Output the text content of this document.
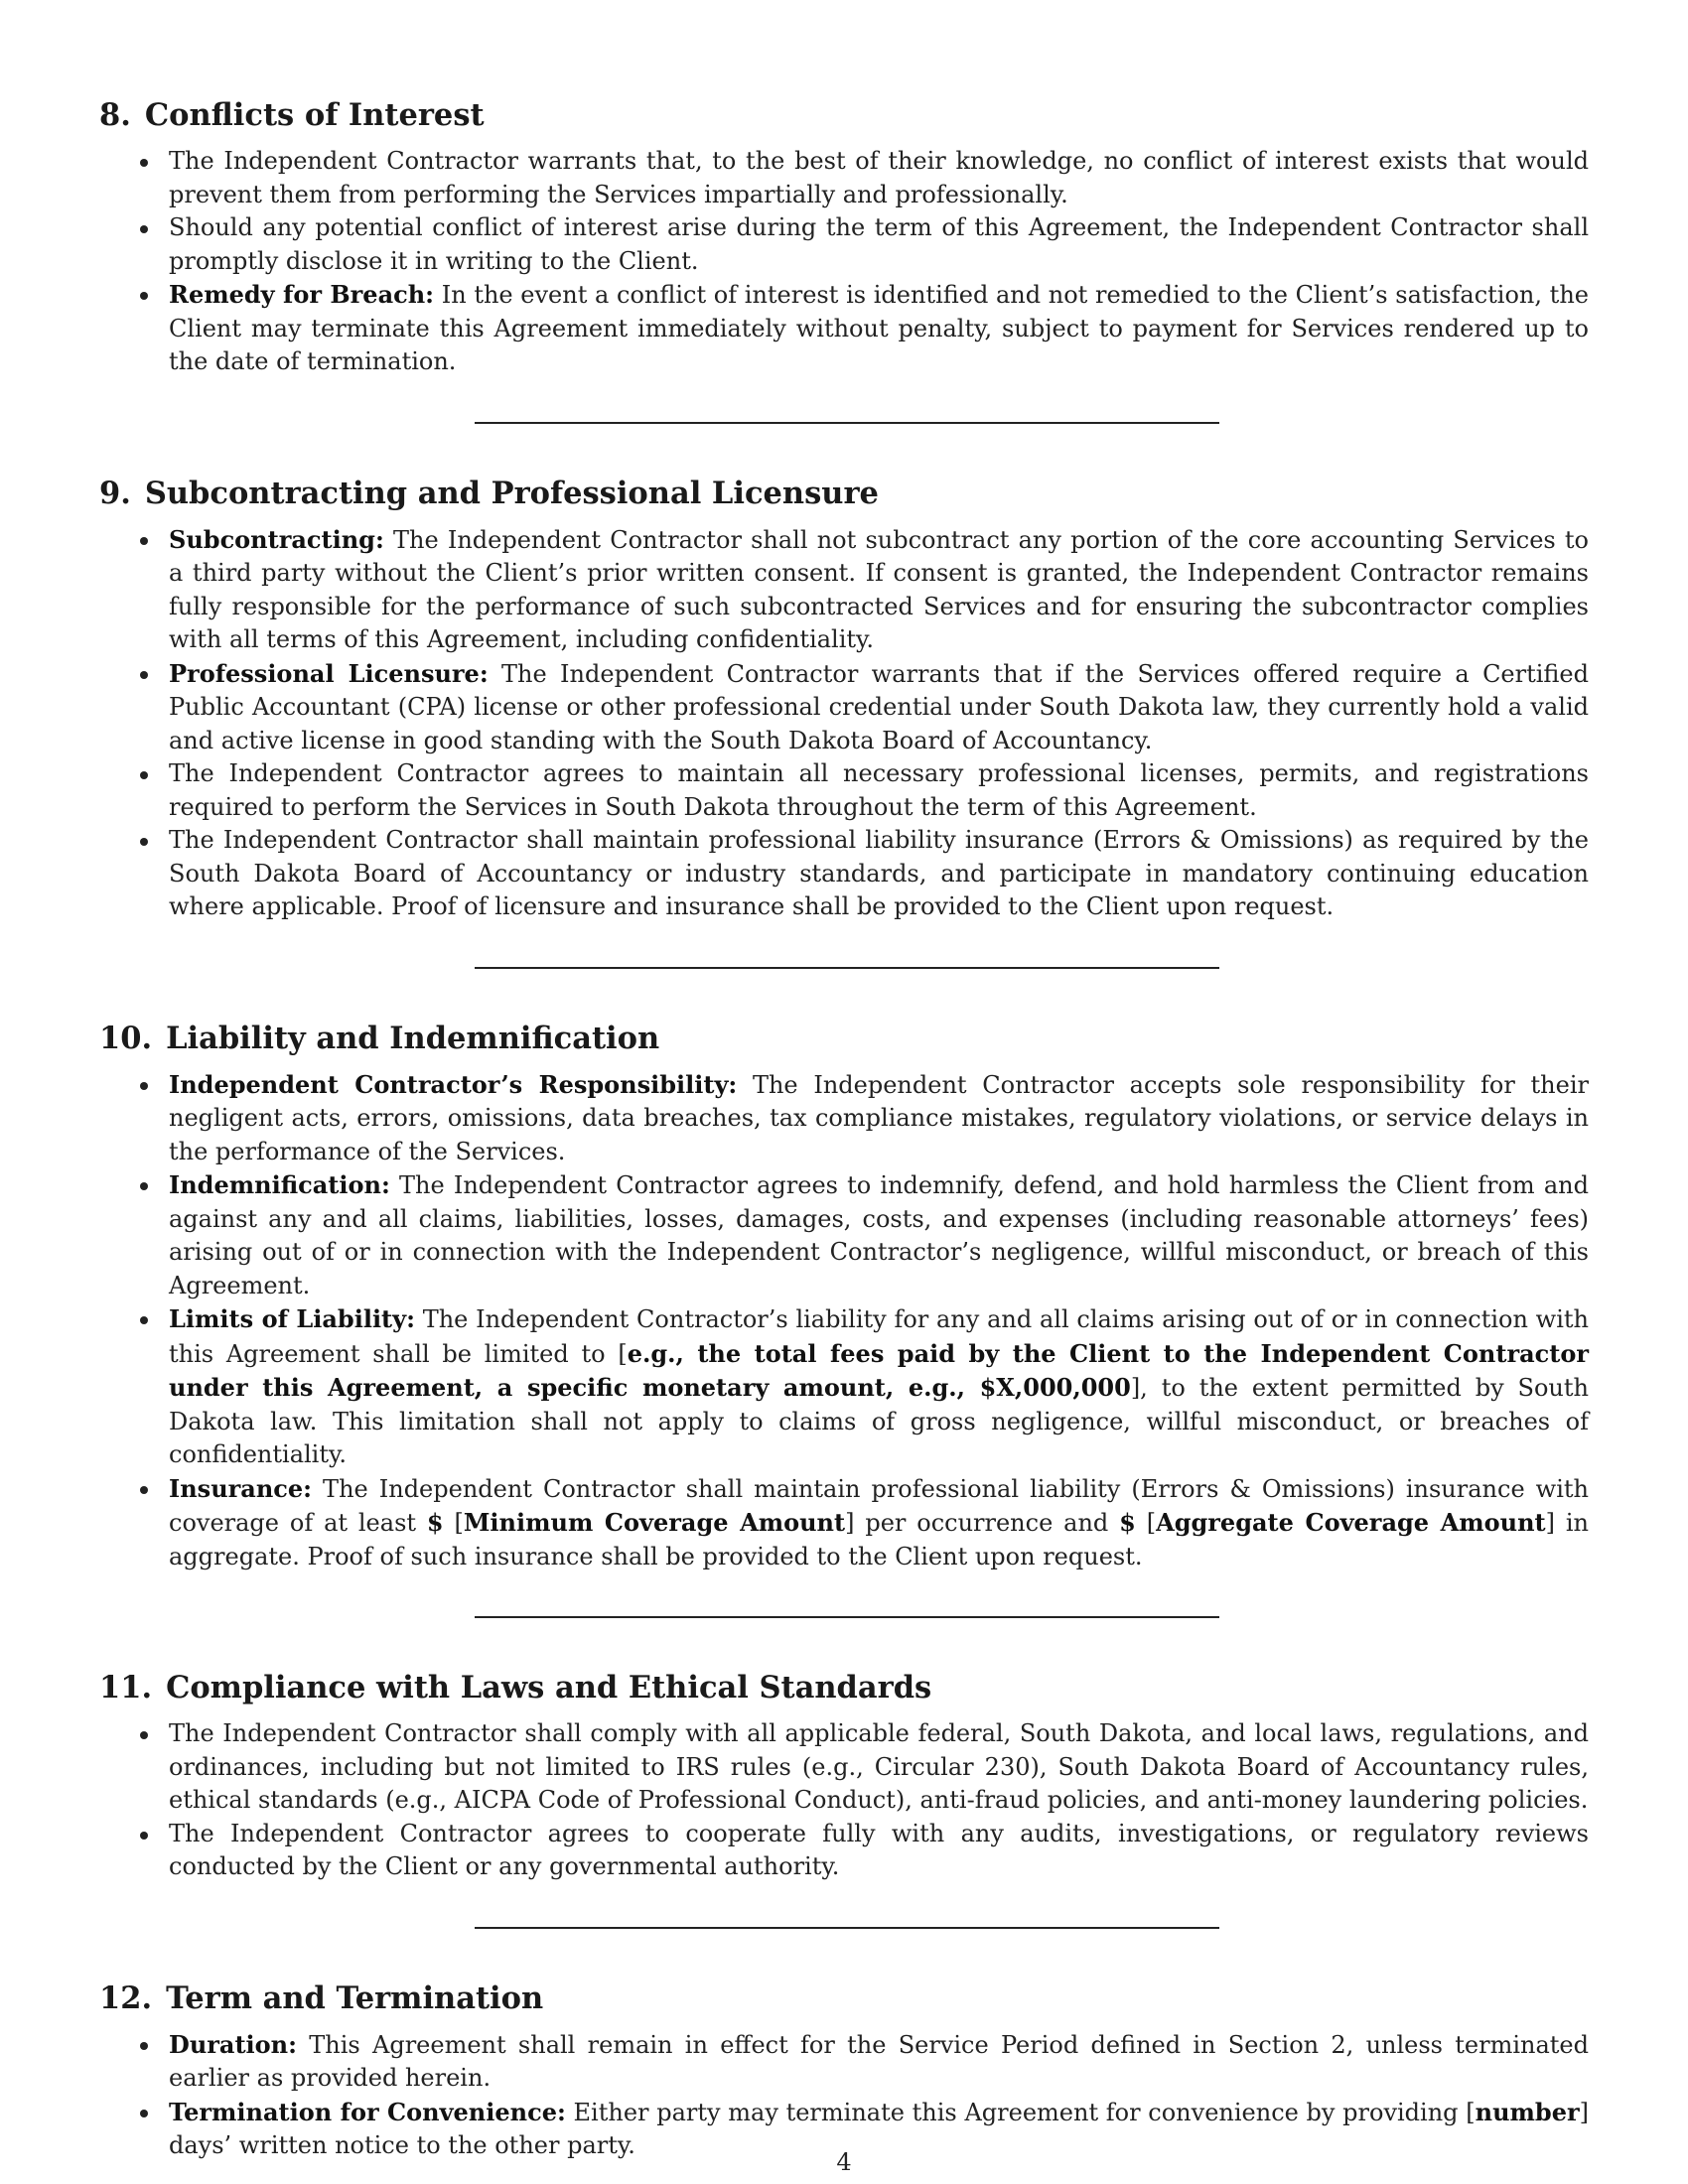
8. Conflicts of Interest
The Independent Contractor warrants that, to the best of their knowledge, no conflict of interest exists that would prevent them from performing the Services impartially and professionally.
Should any potential conflict of interest arise during the term of this Agreement, the Independent Contractor shall promptly disclose it in writing to the Client.
Remedy for Breach: In the event a conflict of interest is identified and not remedied to the Client’s satisfaction, the Client may terminate this Agreement immediately without penalty, subject to payment for Services rendered up to the date of termination.
9. Subcontracting and Professional Licensure
Subcontracting: The Independent Contractor shall not subcontract any portion of the core accounting Services to a third party without the Client’s prior written consent. If consent is granted, the Independent Contractor remains fully responsible for the performance of such subcontracted Services and for ensuring the subcontractor complies with all terms of this Agreement, including confidentiality.
Professional Licensure: The Independent Contractor warrants that if the Services offered require a Certified Public Accountant (CPA) license or other professional credential under South Dakota law, they currently hold a valid and active license in good standing with the South Dakota Board of Accountancy.
The Independent Contractor agrees to maintain all necessary professional licenses, permits, and registrations required to perform the Services in South Dakota throughout the term of this Agreement.
The Independent Contractor shall maintain professional liability insurance (Errors & Omissions) as required by the South Dakota Board of Accountancy or industry standards, and participate in mandatory continuing education where applicable. Proof of licensure and insurance shall be provided to the Client upon request.
10. Liability and Indemnification
Independent Contractor’s Responsibility: The Independent Contractor accepts sole responsibility for their negligent acts, errors, omissions, data breaches, tax compliance mistakes, regulatory violations, or service delays in the performance of the Services.
Indemnification: The Independent Contractor agrees to indemnify, defend, and hold harmless the Client from and against any and all claims, liabilities, losses, damages, costs, and expenses (including reasonable attorneys’ fees) arising out of or in connection with the Independent Contractor’s negligence, willful misconduct, or breach of this Agreement.
Limits of Liability: The Independent Contractor’s liability for any and all claims arising out of or in connection with this Agreement shall be limited to [e.g., the total fees paid by the Client to the Independent Contractor under this Agreement, a specific monetary amount, e.g., $X,000,000], to the extent permitted by South Dakota law. This limitation shall not apply to claims of gross negligence, willful misconduct, or breaches of confidentiality.
Insurance: The Independent Contractor shall maintain professional liability (Errors & Omissions) insurance with coverage of at least $ [Minimum Coverage Amount] per occurrence and $ [Aggregate Coverage Amount] in aggregate. Proof of such insurance shall be provided to the Client upon request.
11. Compliance with Laws and Ethical Standards
The Independent Contractor shall comply with all applicable federal, South Dakota, and local laws, regulations, and ordinances, including but not limited to IRS rules (e.g., Circular 230), South Dakota Board of Accountancy rules, ethical standards (e.g., AICPA Code of Professional Conduct), anti-fraud policies, and anti-money laundering policies.
The Independent Contractor agrees to cooperate fully with any audits, investigations, or regulatory reviews conducted by the Client or any governmental authority.
12. Term and Termination
Duration: This Agreement shall remain in effect for the Service Period defined in Section 2, unless terminated earlier as provided herein.
Termination for Convenience: Either party may terminate this Agreement for convenience by providing [number] days’ written notice to the other party.
4
